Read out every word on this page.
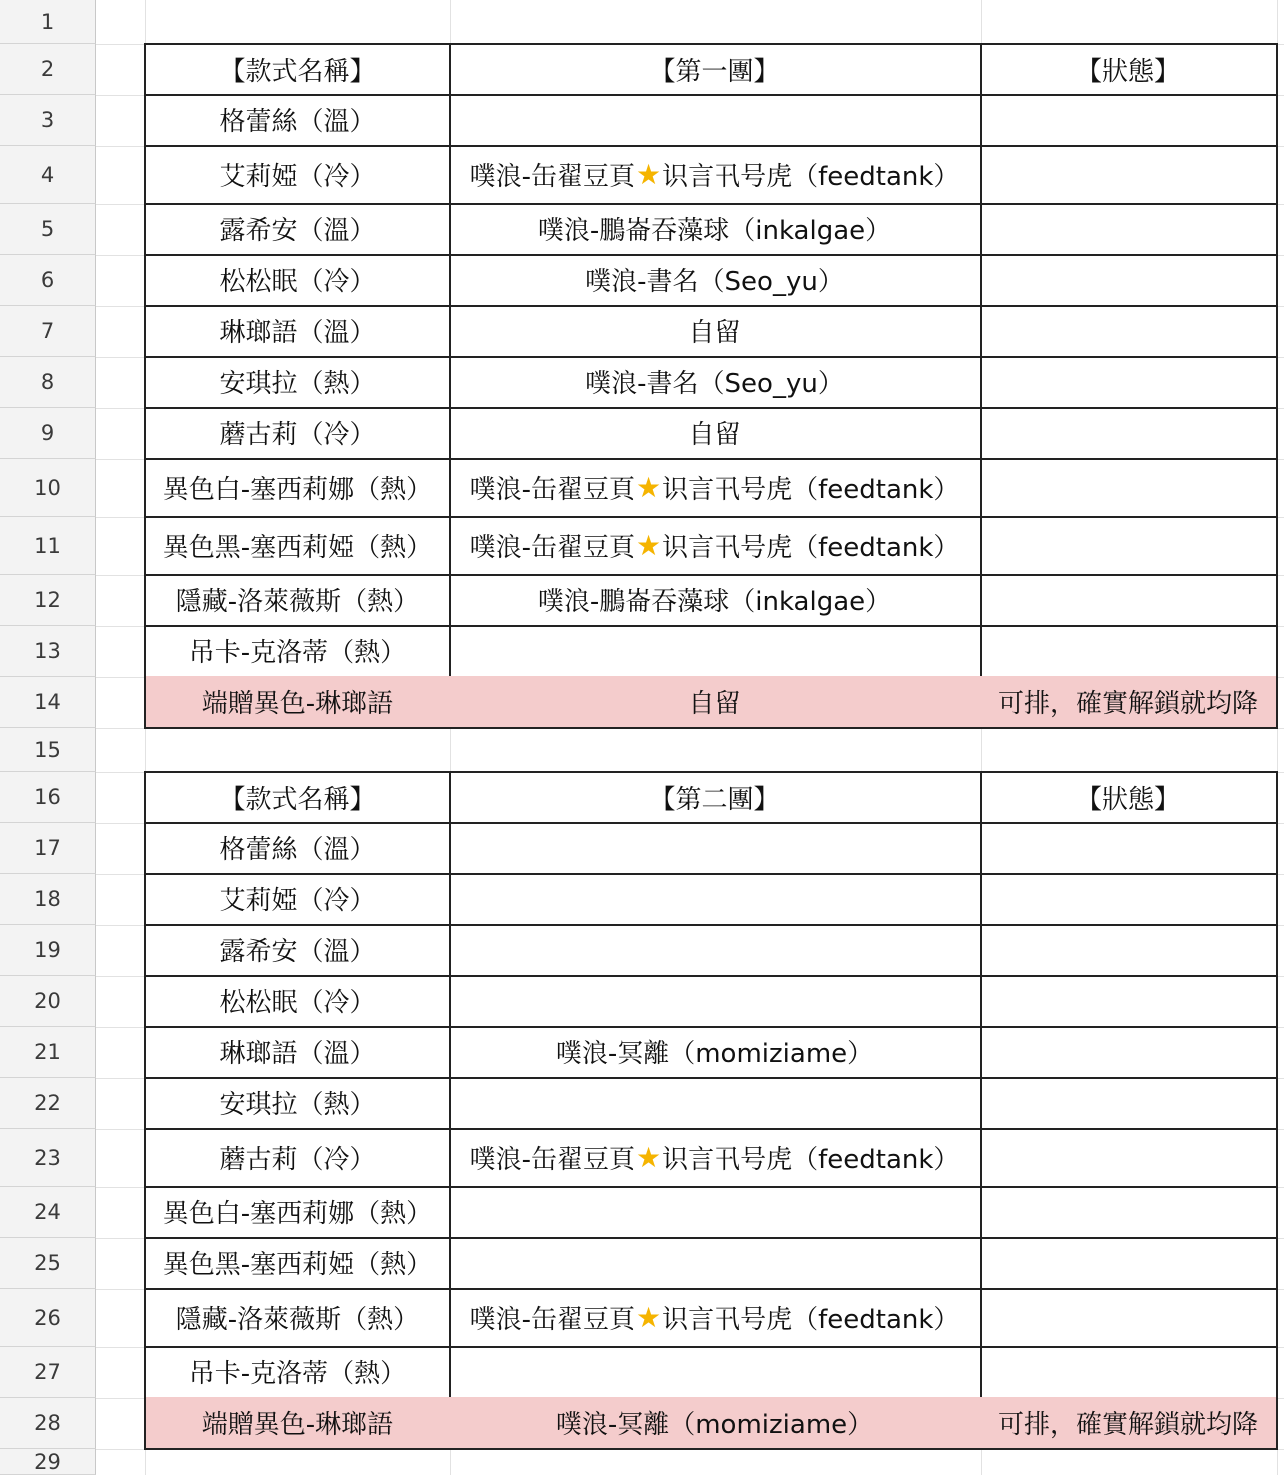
1
2
3
4
5
6
7
8
9
10
11
12
13
14
15
16
17
18
19
20
21
22
23
24
25
26
27
28
29
【款式名稱】	【第一團】	【狀態】
格蕾絲（溫）
艾莉婭（冷）	噗浪-缶翟豆頁 ★ 识言卂号虎（feedtank）
露希安（溫）	噗浪-鵬崙吞藻球（inkalgae）
松松眠（冷）	噗浪-書名（Seo_yu）
琳瑯語（溫）	自留
安琪拉（熱）	噗浪-書名（Seo_yu）
蘑古莉（冷）	自留
異色白-塞西莉娜（熱）	噗浪-缶翟豆頁 ★ 识言卂号虎（feedtank）
異色黑-塞西莉婭（熱）	噗浪-缶翟豆頁 ★ 识言卂号虎（feedtank）
隱藏-洛萊薇斯（熱）	噗浪-鵬崙吞藻球（inkalgae）
吊卡-克洛蒂（熱）
端贈異色-琳瑯語	自留	可排，確實解鎖就均降
【款式名稱】	【第二團】	【狀態】
格蕾絲（溫）
艾莉婭（冷）
露希安（溫）
松松眠（冷）
琳瑯語（溫）	噗浪-冥離（momiziame）
安琪拉（熱）
蘑古莉（冷）	噗浪-缶翟豆頁 ★ 识言卂号虎（feedtank）
異色白-塞西莉娜（熱）
異色黑-塞西莉婭（熱）
隱藏-洛萊薇斯（熱）	噗浪-缶翟豆頁 ★ 识言卂号虎（feedtank）
吊卡-克洛蒂（熱）
端贈異色-琳瑯語	噗浪-冥離（momiziame）	可排，確實解鎖就均降
